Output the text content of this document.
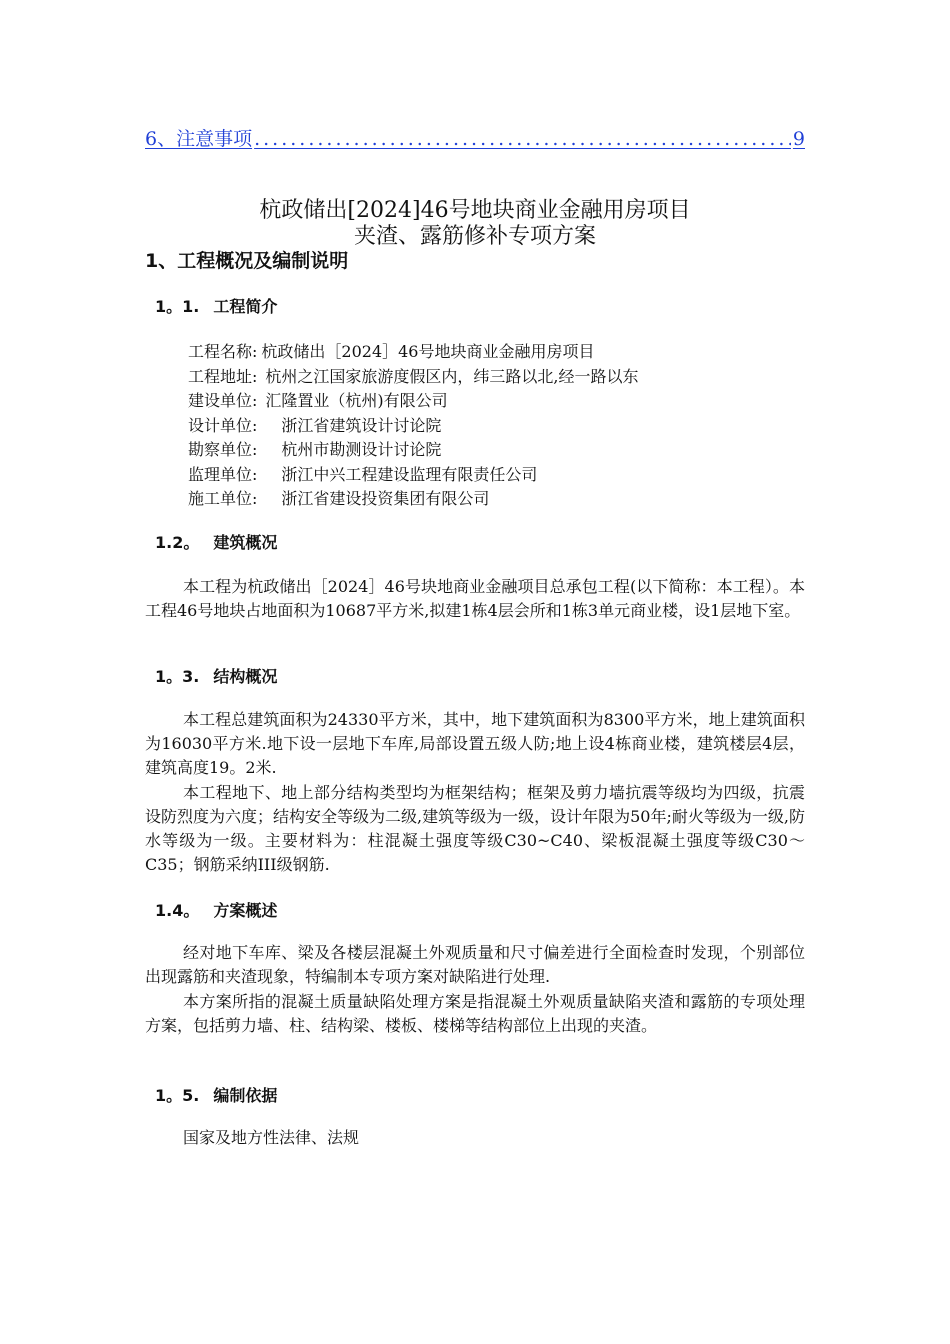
6、注意事项
.....	9
杭政储出[2024]46号地块商业金融用房项目
夹渣、露筋修补专项方案
1、工程概况及编制说明
1。1. 工程简介
工程名称: 杭政储出［2024］46号地块商业金融用房项目
工程地址: 杭州之江国家旅游度假区内，纬三路以北,经一路以东
建设单位: 汇隆置业（杭州)有限公司
设计单位: 浙江省建筑设计讨论院
勘察单位: 杭州市勘测设计讨论院
监理单位: 浙江中兴工程建设监理有限责任公司
施工单位: 浙江省建设投资集团有限公司
1.2。 建筑概况

本工程为杭政储出［2024］46号块地商业金融项目总承包工程(以下简称：本工程）。本工程46号地块占地面积为10687平方米,拟建1栋4层会所和1栋3单元商业楼，设1层地下室。

1。3. 结构概况

本工程总建筑面积为24330平方米，其中，地下建筑面积为8300平方米，地上建筑面积为16030平方米.地下设一层地下车库,局部设置五级人防;地上设4栋商业楼，建筑楼层4层，建筑高度19。2米.

本工程地下、地上部分结构类型均为框架结构；框架及剪力墙抗震等级均为四级，抗震设防烈度为六度；结构安全等级为二级,建筑等级为一级，设计年限为50年;耐火等级为一级,防水等级为一级。主要材料为：柱混凝土强度等级C30~C40、梁板混凝土强度等级C30～C35；钢筋采纳III级钢筋.

1.4。 方案概述

经对地下车库、梁及各楼层混凝土外观质量和尺寸偏差进行全面检查时发现，个别部位出现露筋和夹渣现象，特编制本专项方案对缺陷进行处理.

本方案所指的混凝土质量缺陷处理方案是指混凝土外观质量缺陷夹渣和露筋的专项处理方案，包括剪力墙、柱、结构梁、楼板、楼梯等结构部位上出现的夹渣。

1。5. 编制依据

国家及地方性法律、法规
